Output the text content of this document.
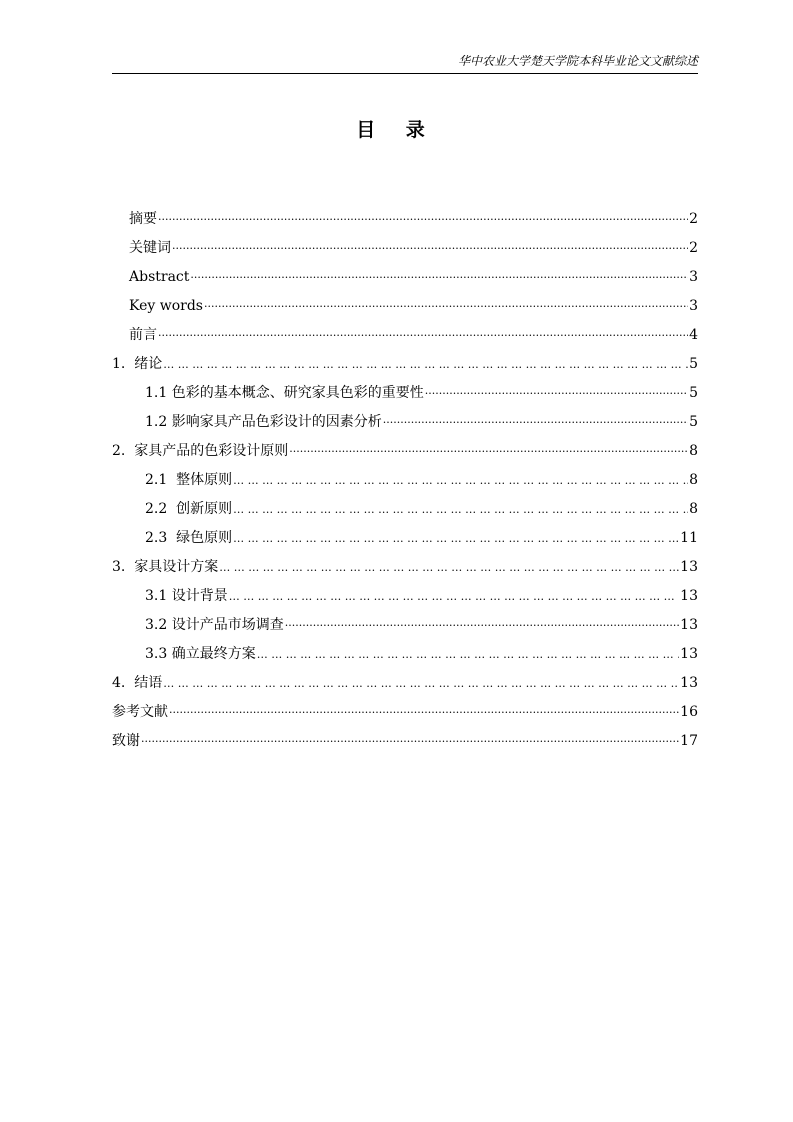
华中农业大学楚天学院本科毕业论文文献综述
目 录
摘要 ·····	2
关键词 ·····	2
Abstract ·····	3
Key words ·····	3
前言 ·····	4
1.  绪论 … … … … … … … … … … … … … … … … … … … … … … … … … … … … … … … … … … … … … … … … … … … … … … … … … … … … … … … … … … … … … … … … … … … …	5
1.1 色彩的基本概念、研究家具色彩的重要性 ·····	5
1.2 影响家具产品色彩设计的因素分析 ·····	5
2.  家具产品的色彩设计原则 ·····	8
2.1  整体原则 … … … … … … … … … … … … … … … … … … … … … … … … … … … … … … … … … … … … … … … … … … … … … … … … … … … … … … … … … … … … … … … … … … … …	8
2.2  创新原则 … … … … … … … … … … … … … … … … … … … … … … … … … … … … … … … … … … … … … … … … … … … … … … … … … … … … … … … … … … … … … … … … … … … …	8
2.3  绿色原则 … … … … … … … … … … … … … … … … … … … … … … … … … … … … … … … … … … … … … … … … … … … … … … … … … … … … … … … … … … … … … … … … … … … …	11
3.  家具设计方案 … … … … … … … … … … … … … … … … … … … … … … … … … … … … … … … … … … … … … … … … … … … … … … … … … … … … … … … … … … … … … … … … … … … …	13
3.1 设计背景 … … … … … … … … … … … … … … … … … … … … … … … … … … … … … … … … … … … … … … … … … … … … … … … … … … … … … … … … … … … … … … … … … … … …	13
3.2 设计产品市场调查 ·····	13
3.3 确立最终方案 … … … … … … … … … … … … … … … … … … … … … … … … … … … … … … … … … … … … … … … … … … … … … … … … … … … … … … … … … … … … … … … … … … … …	13
4.  结语 … … … … … … … … … … … … … … … … … … … … … … … … … … … … … … … … … … … … … … … … … … … … … … … … … … … … … … … … … … … … … … … … … … … …	13
参考文献 ·····	16
致谢 ·····	17
